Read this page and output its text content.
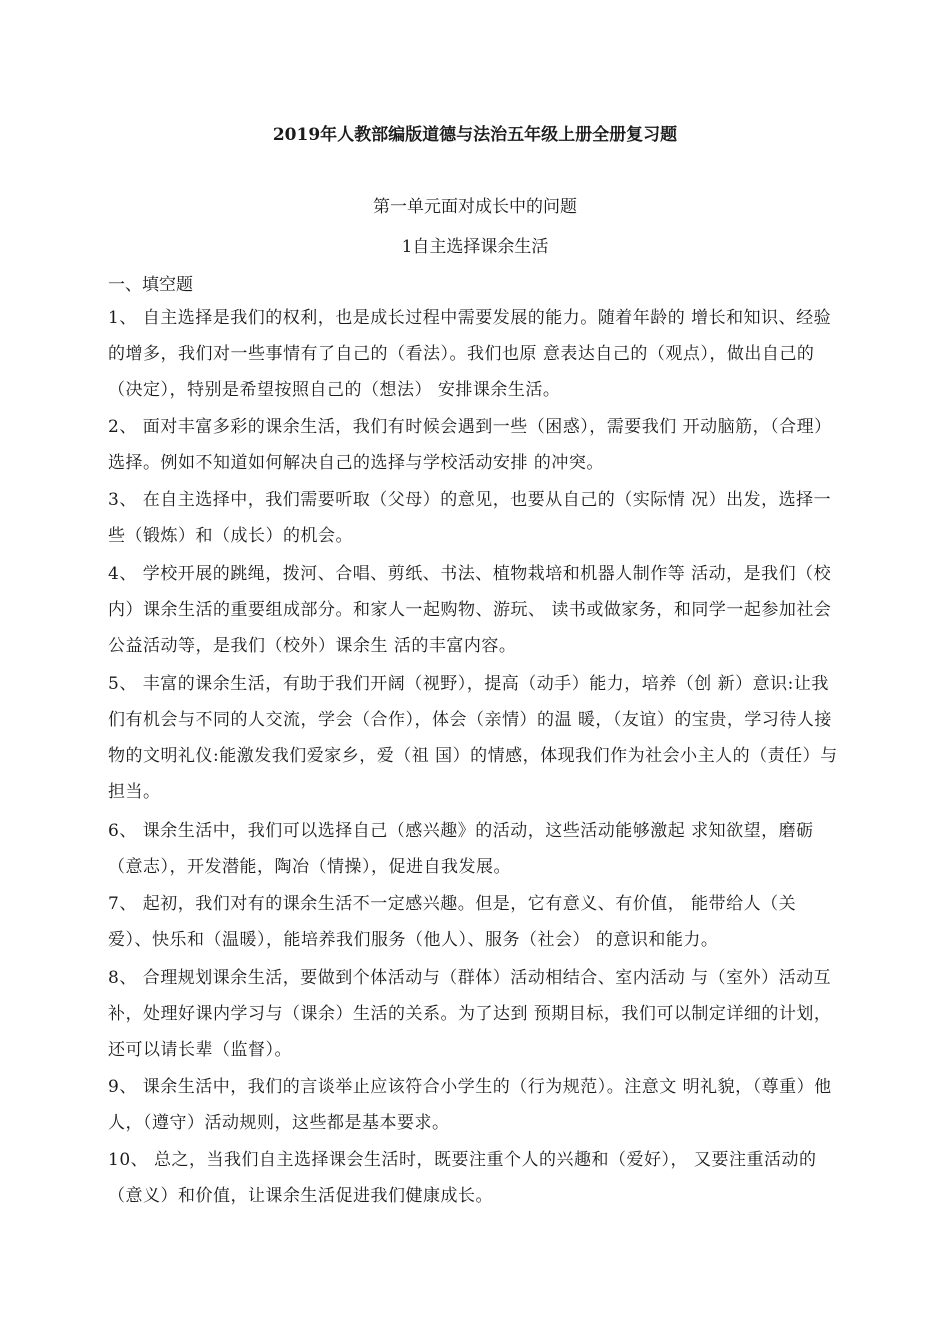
2019年人教部编版道德与法治五年级上册全册复习题
第一单元面对成长中的问题
1自主选择课余生活
一、填空题
1、 自主选择是我们的权利，也是成长过程中需要发展的能力。随着年龄的 增长和知识、经验的增多，我们对一些事情有了自己的（看法）。我们也原 意表达自己的（观点），做出自己的（决定），特别是希望按照自己的（想法） 安排课余生活。
2、 面对丰富多彩的课余生活，我们有时候会遇到一些（困惑），需要我们 开动脑筋，（合理）选择。例如不知道如何解决自己的选择与学校活动安排 的冲突。
3、 在自主选择中，我们需要听取（父母）的意见，也要从自己的（实际情 况）出发，选择一些（锻炼）和（成长）的机会。
4、 学校开展的跳绳，拨河、合唱、剪纸、书法、植物栽培和机器人制作等 活动，是我们（校内）课余生活的重要组成部分。和家人一起购物、游玩、 读书或做家务，和同学一起参加社会公益活动等，是我们（校外）课余生 活的丰富内容。
5、 丰富的课余生活，有助于我们开阔（视野），提高（动手）能力，培养（创 新）意识:让我们有机会与不同的人交流，学会（合作），体会（亲情）的温 暖，（友谊）的宝贵，学习待人接物的文明礼仪:能激发我们爱家乡，爱（祖 国）的情感，体现我们作为社会小主人的（责任）与担当。
6、 课余生活中，我们可以选择自己（感兴趣》的活动，这些活动能够激起 求知欲望，磨砺（意志），开发潜能，陶冶（情操），促进自我发展。
7、 起初，我们对有的课余生活不一定感兴趣。但是，它有意义、有价值， 能带给人（关爱）、快乐和（温暖），能培养我们服务（他人）、服务（社会） 的意识和能力。
8、 合理规划课余生活，要做到个体活动与（群体）活动相结合、室内活动 与（室外）活动互补，处理好课内学习与（课余）生活的关系。为了达到 预期目标，我们可以制定详细的计划，还可以请长辈（监督）。
9、 课余生活中，我们的言谈举止应该符合小学生的（行为规范）。注意文 明礼貌，（尊重）他人，（遵守）活动规则，这些都是基本要求。
10、 总之，当我们自主选择课会生活时，既要注重个人的兴趣和（爱好）， 又要注重活动的（意义）和价值，让课余生活促进我们健康成长。
